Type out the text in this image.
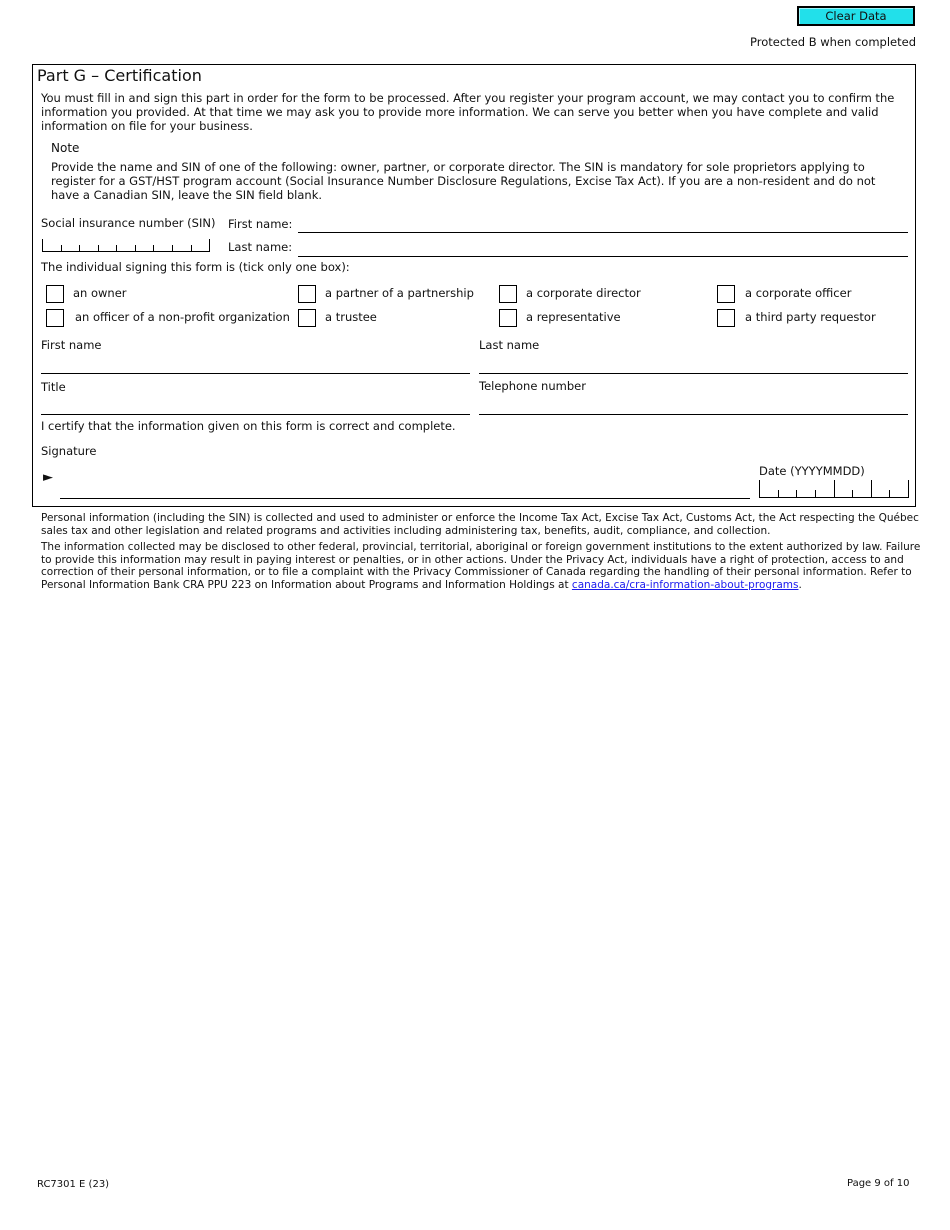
Clear Data
Protected B when completed
Part G – Certification
You must fill in and sign this part in order for the form to be processed. After you register your program account, we may contact you to confirm the information you provided. At that time we may ask you to provide more information. We can serve you better when you have complete and valid information on file for your business.
Note
Provide the name and SIN of one of the following: owner, partner, or corporate director. The SIN is mandatory for sole proprietors applying to register for a GST/HST program account (Social Insurance Number Disclosure Regulations, Excise Tax Act). If you are a non-resident and do not have a Canadian SIN, leave the SIN field blank.
Social insurance number (SIN) First name:
Last name:
The individual signing this form is (tick only one box):
an owner	a partner of a partnership	a corporate director	a corporate officer
an officer of a non-profit organization	a trustee	a representative	a third party requestor
First name	Last name
Title	Telephone number
I certify that the information given on this form is correct and complete.
Signature
►	Date (YYYYMMDD)
Personal information (including the SIN) is collected and used to administer or enforce the Income Tax Act, Excise Tax Act, Customs Act, the Act respecting the Québec sales tax and other legislation and related programs and activities including administering tax, benefits, audit, compliance, and collection.
The information collected may be disclosed to other federal, provincial, territorial, aboriginal or foreign government institutions to the extent authorized by law. Failure to provide this information may result in paying interest or penalties, or in other actions. Under the Privacy Act, individuals have a right of protection, access to and correction of their personal information, or to file a complaint with the Privacy Commissioner of Canada regarding the handling of their personal information. Refer to Personal Information Bank CRA PPU 223 on Information about Programs and Information Holdings at canada.ca/cra-information-about-programs.
RC7301 E (23)	Page 9 of 10
